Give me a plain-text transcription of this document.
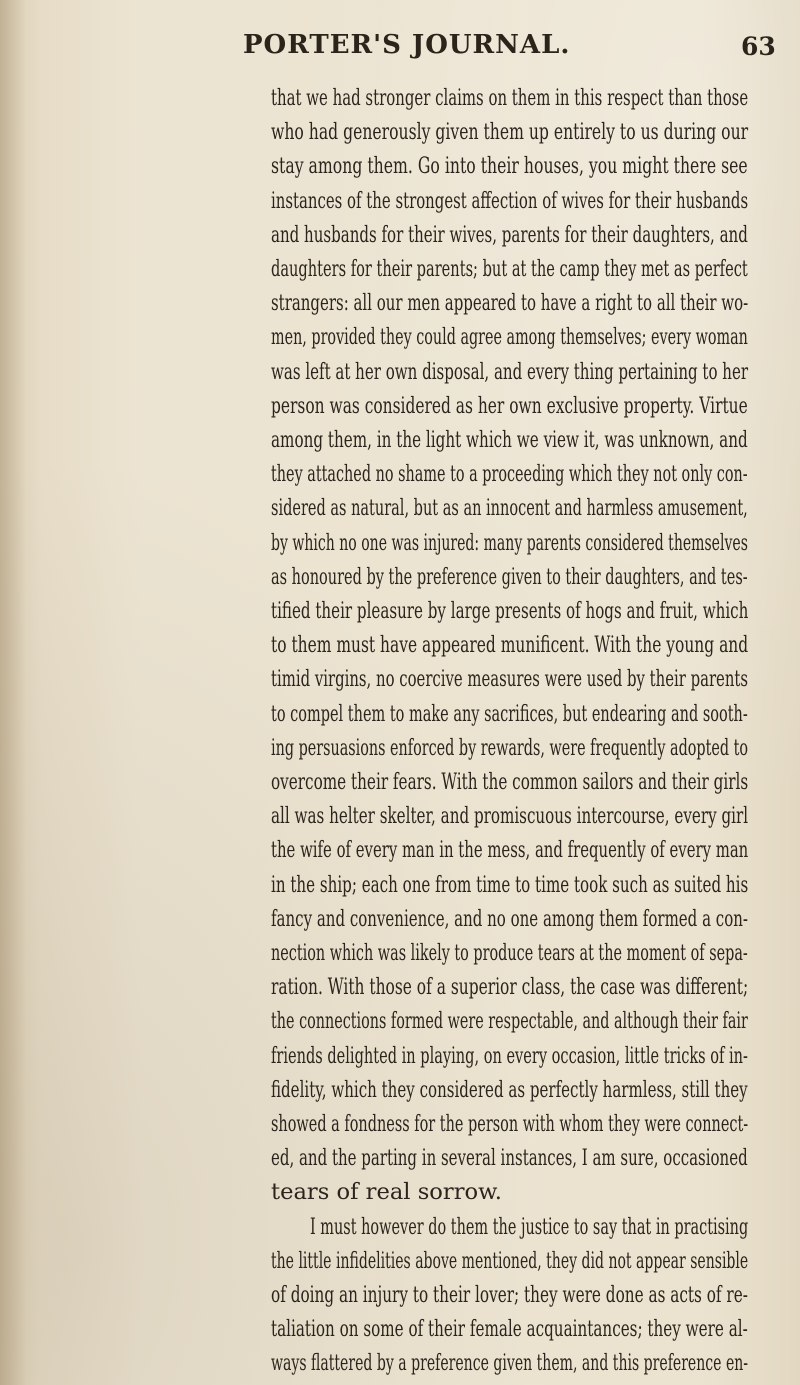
PORTER'S JOURNAL.	63
that we had stronger claims on them in this respect than those
who had generously given them up entirely to us during our
stay among them. Go into their houses, you might there see
instances of the strongest affection of wives for their husbands
and husbands for their wives, parents for their daughters, and
daughters for their parents; but at the camp they met as perfect
strangers: all our men appeared to have a right to all their wo-
men, provided they could agree among themselves; every woman
was left at her own disposal, and every thing pertaining to her
person was considered as her own exclusive property. Virtue
among them, in the light which we view it, was unknown, and
they attached no shame to a proceeding which they not only con-
sidered as natural, but as an innocent and harmless amusement,
by which no one was injured: many parents considered themselves
as honoured by the preference given to their daughters, and tes-
tified their pleasure by large presents of hogs and fruit, which
to them must have appeared munificent. With the young and
timid virgins, no coercive measures were used by their parents
to compel them to make any sacrifices, but endearing and sooth-
ing persuasions enforced by rewards, were frequently adopted to
overcome their fears. With the common sailors and their girls
all was helter skelter, and promiscuous intercourse, every girl
the wife of every man in the mess, and frequently of every man
in the ship; each one from time to time took such as suited his
fancy and convenience, and no one among them formed a con-
nection which was likely to produce tears at the moment of sepa-
ration. With those of a superior class, the case was different;
the connections formed were respectable, and although their fair
friends delighted in playing, on every occasion, little tricks of in-
fidelity, which they considered as perfectly harmless, still they
showed a fondness for the person with whom they were connect-
ed, and the parting in several instances, I am sure, occasioned
tears of real sorrow.
I must however do them the justice to say that in practising
the little infidelities above mentioned, they did not appear sensible
of doing an injury to their lover; they were done as acts of re-
taliation on some of their female acquaintances; they were al-
ways flattered by a preference given them, and this preference en-
